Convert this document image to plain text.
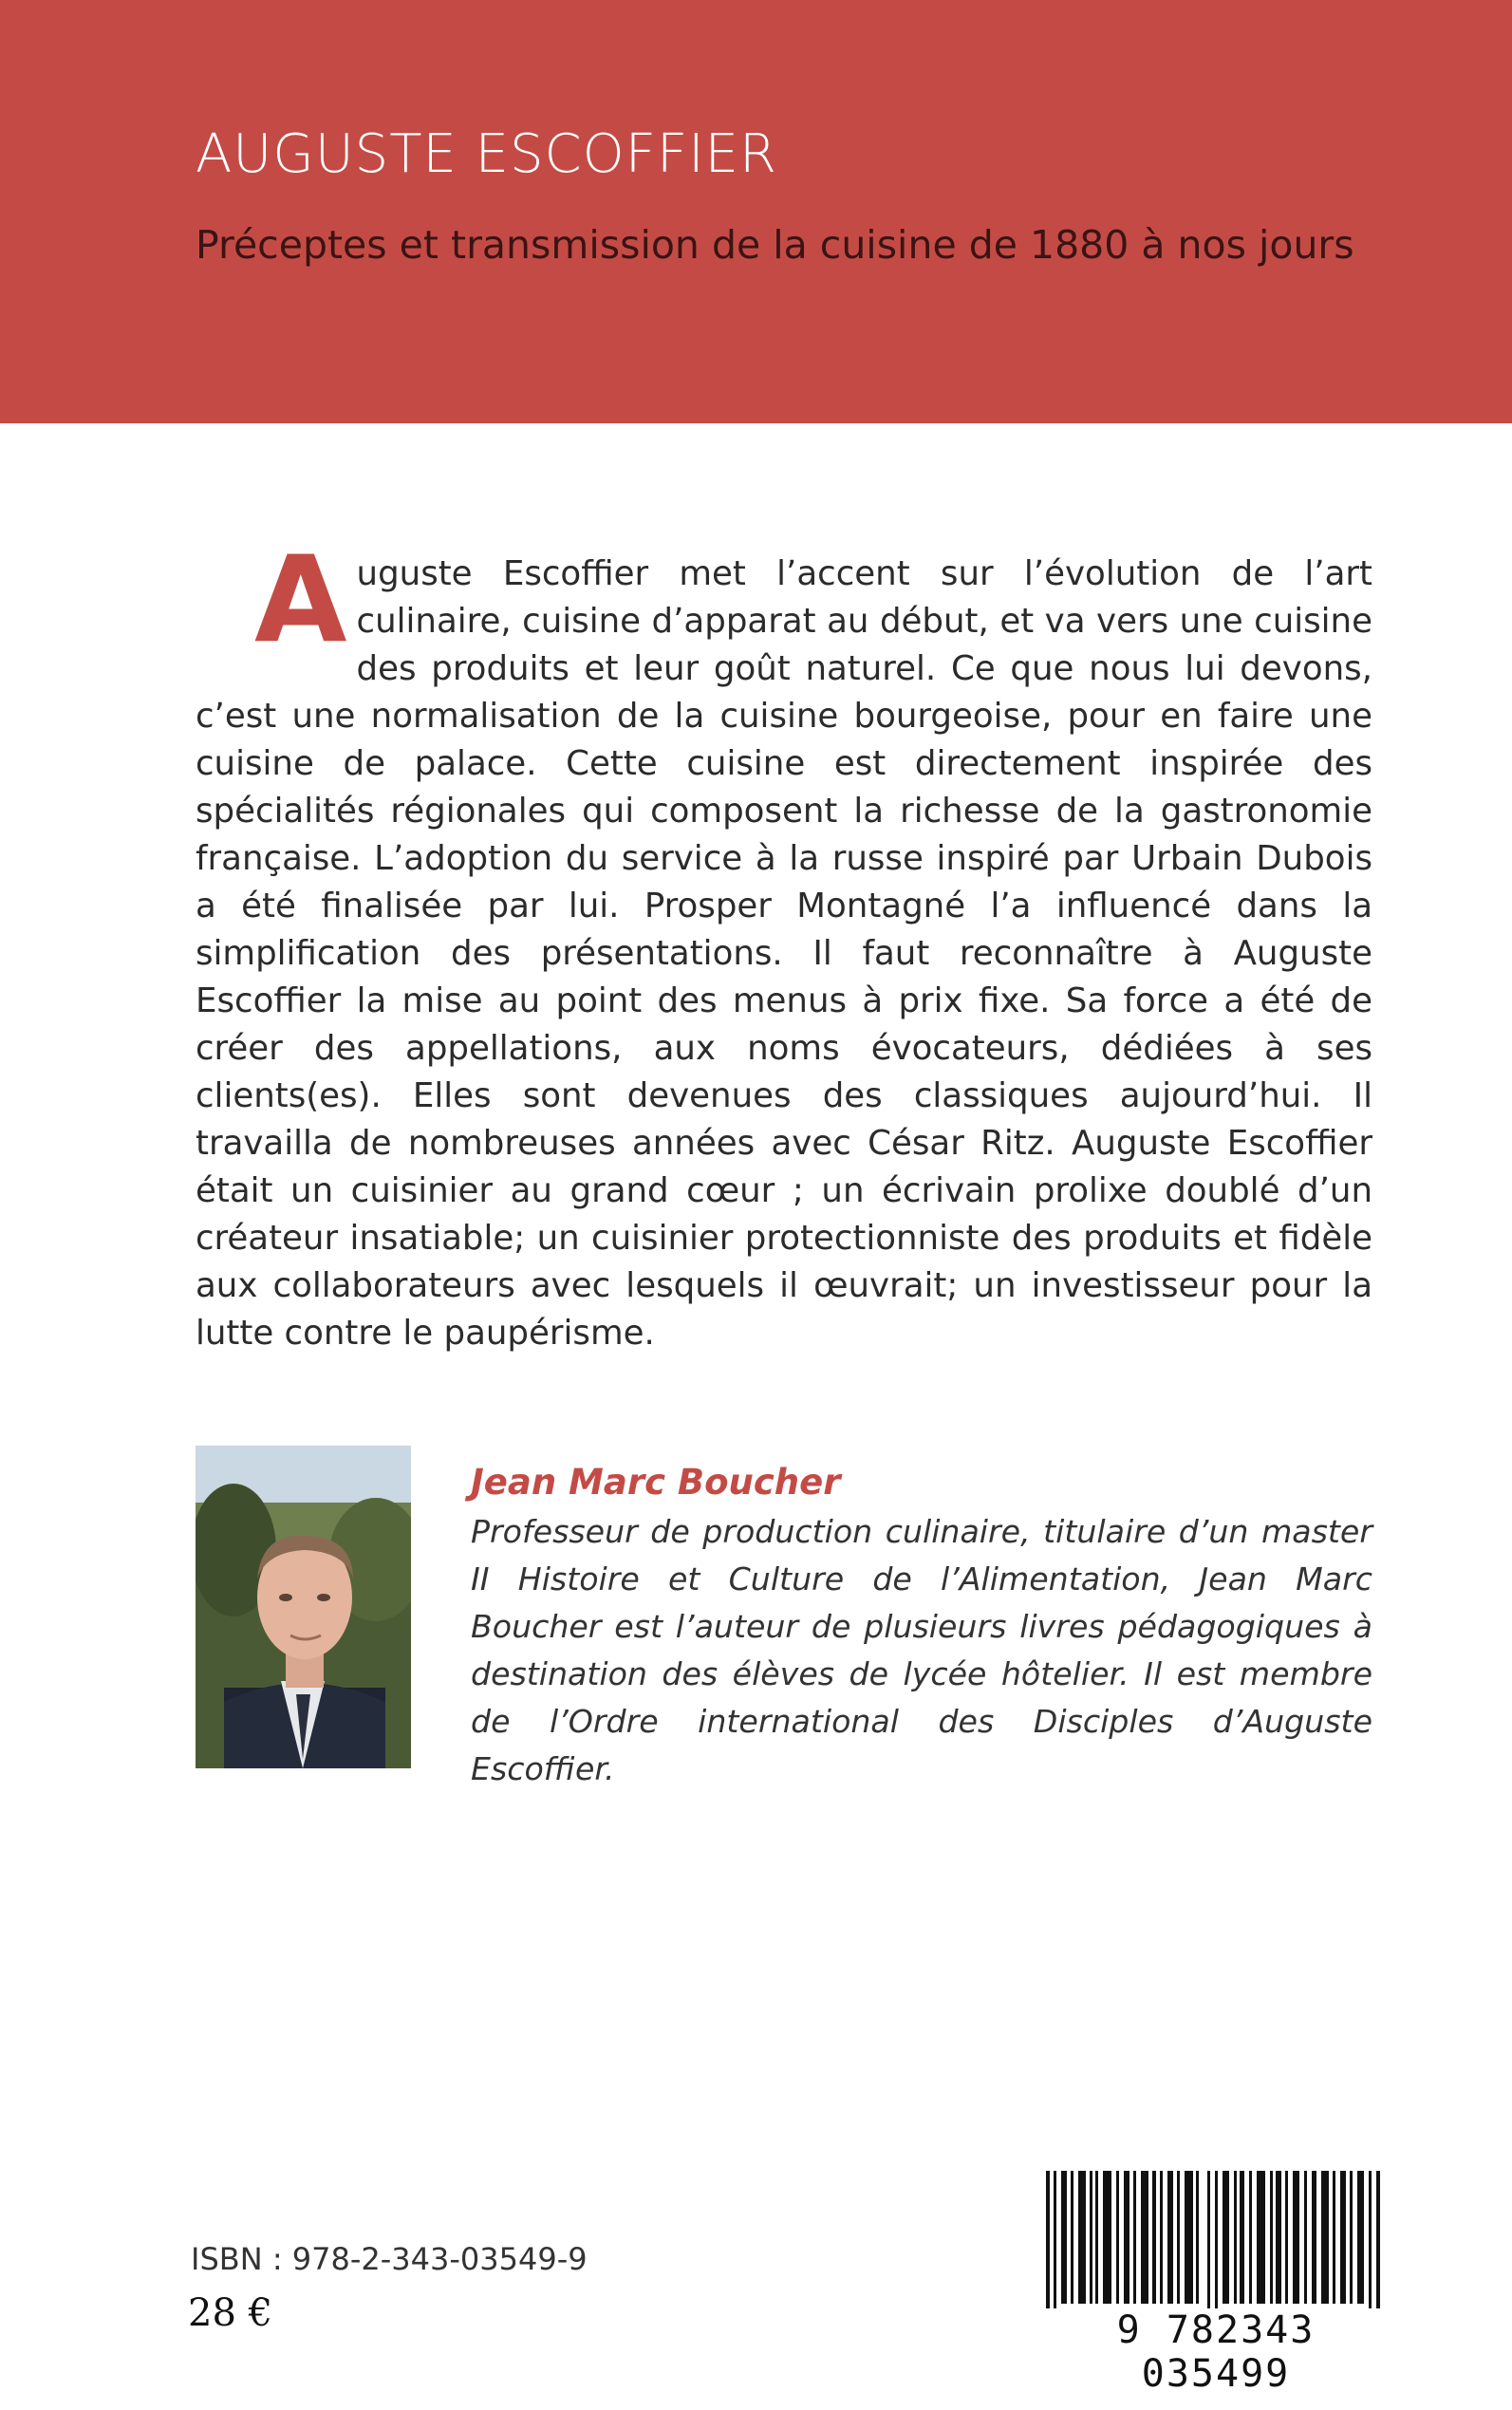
AUGUSTE ESCOFFIER
Préceptes et transmission de la cuisine de 1880 à nos jours

Auguste Escoffier met l’accent sur l’évolution de l’art culinaire, cuisine d’apparat au début, et va vers une cuisine des produits et leur goût naturel. Ce que nous lui devons, c’est une normalisation de la cuisine bourgeoise, pour en faire une cuisine de palace. Cette cuisine est directement inspirée des spécialités régionales qui composent la richesse de la gastronomie française. L’adoption du service à la russe inspiré par Urbain Dubois a été finalisée par lui. Prosper Montagné l’a influencé dans la simplification des présentations. Il faut reconnaître à Auguste Escoffier la mise au point des menus à prix fixe. Sa force a été de créer des appellations, aux noms évocateurs, dédiées à ses clients(es). Elles sont devenues des classiques aujourd’hui. Il travailla de nombreuses années avec César Ritz. Auguste Escoffier était un cuisinier au grand cœur ; un écrivain prolixe doublé d’un créateur insatiable; un cuisinier protectionniste des produits et fidèle aux collaborateurs avec lesquels il œuvrait; un investisseur pour la lutte contre le paupérisme.

Jean Marc Boucher

Professeur de production culinaire, titulaire d’un master II Histoire et Culture de l’Alimentation, Jean Marc Boucher est l’auteur de plusieurs livres pédagogiques à destination des élèves de lycée hôtelier. Il est membre de l’Ordre international des Disciples d’Auguste Escoffier.

ISBN : 978-2-343-03549-9
28 €	9 782343 035499
